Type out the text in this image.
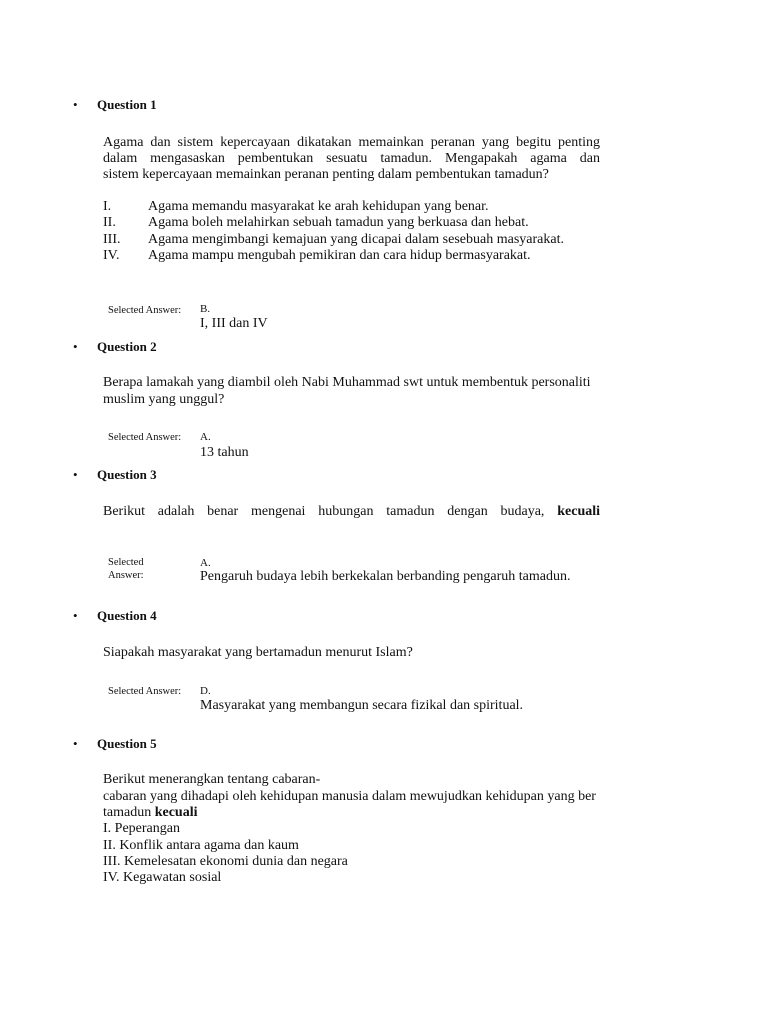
• Question 1
Agama dan sistem kepercayaan dikatakan memainkan peranan yang begitu penting
dalam mengasaskan pembentukan sesuatu tamadun. Mengapakah agama dan
sistem kepercayaan memainkan peranan penting dalam pembentukan tamadun?
I.	Agama memandu masyarakat ke arah kehidupan yang benar.
II. Agama boleh melahirkan sebuah tamadun yang berkuasa dan hebat.
III. Agama mengimbangi kemajuan yang dicapai dalam sesebuah masyarakat.
IV. Agama mampu mengubah pemikiran dan cara hidup bermasyarakat.
Selected Answer: B.
I, III dan IV
• Question 2
Berapa lamakah yang diambil oleh Nabi Muhammad swt untuk membentuk personaliti
muslim yang unggul?
Selected Answer: A.
13 tahun
• Question 3
Berikut adalah benar mengenai hubungan tamadun dengan budaya, kecuali
Selected
Answer:
A.
Pengaruh budaya lebih berkekalan berbanding pengaruh tamadun.
• Question 4
Siapakah masyarakat yang bertamadun menurut Islam?
Selected Answer: D.
Masyarakat yang membangun secara fizikal dan spiritual.
• Question 5
Berikut menerangkan tentang cabaran-
cabaran yang dihadapi oleh kehidupan manusia dalam mewujudkan kehidupan yang ber
tamadun kecuali
I. Peperangan
II. Konflik antara agama dan kaum
III. Kemelesatan ekonomi dunia dan negara
IV. Kegawatan sosial
